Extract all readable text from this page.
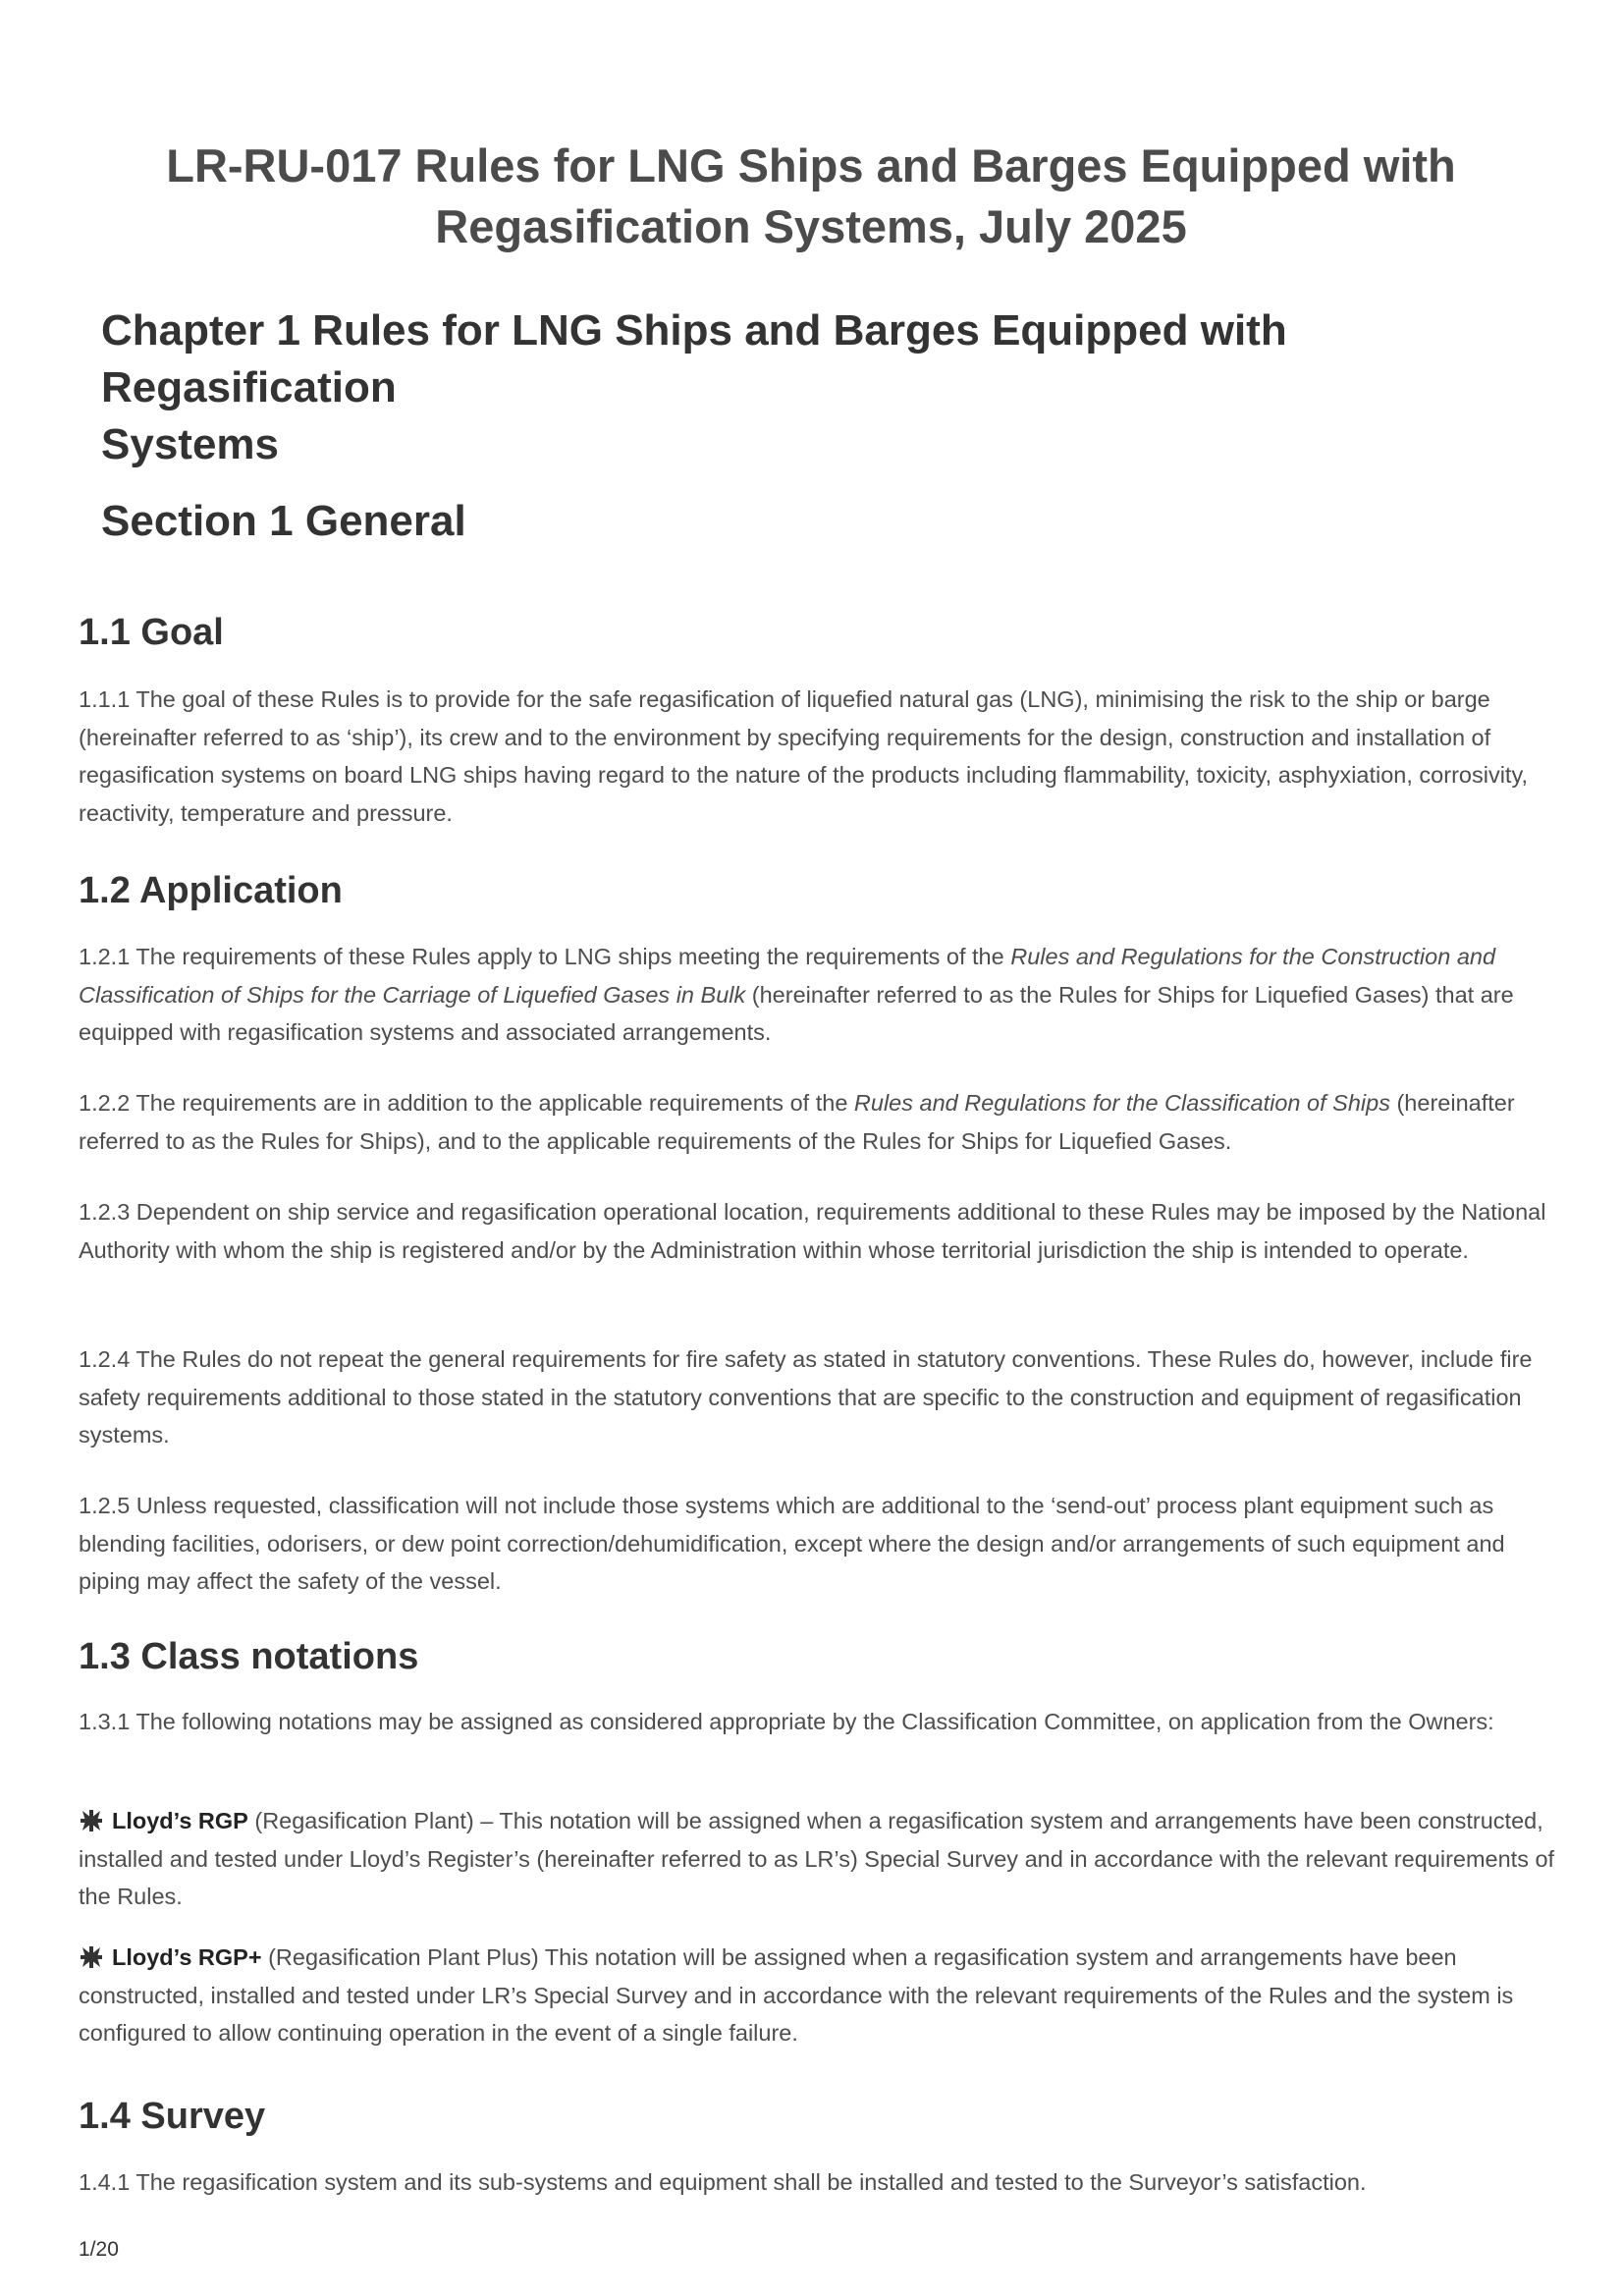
LR-RU-017 Rules for LNG Ships and Barges Equipped with
Regasification Systems, July 2025
Chapter 1 Rules for LNG Ships and Barges Equipped with Regasification
Systems
Section 1 General
1.1 Goal

1.1.1 The goal of these Rules is to provide for the safe regasification of liquefied natural gas (LNG), minimising the risk to the ship or barge (hereinafter referred to as ‘ship’), its crew and to the environment by specifying requirements for the design, construction and installation of regasification systems on board LNG ships having regard to the nature of the products including flammability, toxicity, asphyxiation, corrosivity, reactivity, temperature and pressure.

1.2 Application

1.2.1 The requirements of these Rules apply to LNG ships meeting the requirements of the Rules and Regulations for the Construction and Classification of Ships for the Carriage of Liquefied Gases in Bulk (hereinafter referred to as the Rules for Ships for Liquefied Gases) that are equipped with regasification systems and associated arrangements.

1.2.2 The requirements are in addition to the applicable requirements of the Rules and Regulations for the Classification of Ships (hereinafter referred to as the Rules for Ships), and to the applicable requirements of the Rules for Ships for Liquefied Gases.

1.2.3 Dependent on ship service and regasification operational location, requirements additional to these Rules may be imposed by the National Authority with whom the ship is registered and/or by the Administration within whose territorial jurisdiction the ship is intended to operate.

1.2.4 The Rules do not repeat the general requirements for fire safety as stated in statutory conventions. These Rules do, however, include fire safety requirements additional to those stated in the statutory conventions that are specific to the construction and equipment of regasification systems.

1.2.5 Unless requested, classification will not include those systems which are additional to the ‘send-out’ process plant equipment such as blending facilities, odorisers, or dew point correction/dehumidification, except where the design and/or arrangements of such equipment and piping may affect the safety of the vessel.

1.3 Class notations

1.3.1 The following notations may be assigned as considered appropriate by the Classification Committee, on application from the Owners:

Lloyd’s RGP (Regasification Plant) – This notation will be assigned when a regasification system and arrangements have been constructed, installed and tested under Lloyd’s Register’s (hereinafter referred to as LR’s) Special Survey and in accordance with the relevant requirements of the Rules.

Lloyd’s RGP+ (Regasification Plant Plus) This notation will be assigned when a regasification system and arrangements have been constructed, installed and tested under LR’s Special Survey and in accordance with the relevant requirements of the Rules and the system is configured to allow continuing operation in the event of a single failure.

1.4 Survey

1.4.1 The regasification system and its sub-systems and equipment shall be installed and tested to the Surveyor’s satisfaction.

1/20
